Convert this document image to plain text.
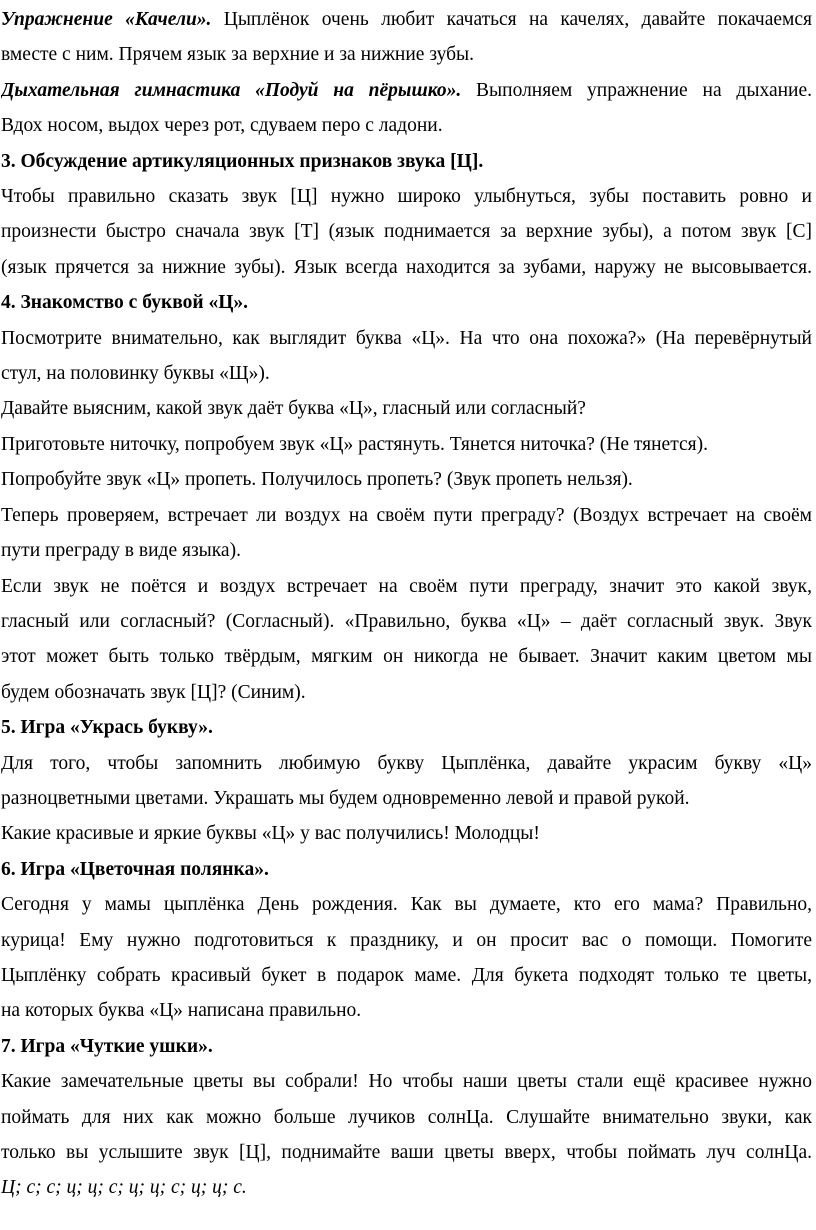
Упражнение «Качели». Цыплёнок очень любит качаться на качелях, давайте покачаемся
вместе с ним. Прячем язык за верхние и за нижние зубы.
Дыхательная гимнастика «Подуй на пёрышко». Выполняем упражнение на дыхание.
Вдох носом, выдох через рот, сдуваем перо с ладони.
3. Обсуждение артикуляционных признаков звука [Ц].
Чтобы правильно сказать звук [Ц] нужно широко улыбнуться, зубы поставить ровно и
произнести быстро сначала звук [Т] (язык поднимается за верхние зубы), а потом звук [С]
(язык прячется за нижние зубы). Язык всегда находится за зубами, наружу не высовывается.
4. Знакомство с буквой «Ц».
Посмотрите внимательно, как выглядит буква «Ц». На что она похожа?» (На перевёрнутый
стул, на половинку буквы «Щ»).
Давайте выясним, какой звук даёт буква «Ц», гласный или согласный?
Приготовьте ниточку, попробуем звук «Ц» растянуть. Тянется ниточка? (Не тянется).
Попробуйте звук «Ц» пропеть. Получилось пропеть? (Звук пропеть нельзя).
Теперь проверяем, встречает ли воздух на своём пути преграду? (Воздух встречает на своём
пути преграду в виде языка).
Если звук не поётся и воздух встречает на своём пути преграду, значит это какой звук,
гласный или согласный? (Согласный). «Правильно, буква «Ц» – даёт согласный звук. Звук
этот может быть только твёрдым, мягким он никогда не бывает. Значит каким цветом мы
будем обозначать звук [Ц]? (Синим).
5. Игра «Укрась букву».
Для того, чтобы запомнить любимую букву Цыплёнка, давайте украсим букву «Ц»
разноцветными цветами. Украшать мы будем одновременно левой и правой рукой.
Какие красивые и яркие буквы «Ц» у вас получились! Молодцы!
6. Игра «Цветочная полянка».
Сегодня у мамы цыплёнка День рождения. Как вы думаете, кто его мама? Правильно,
курица! Ему нужно подготовиться к празднику, и он просит вас о помощи. Помогите
Цыплёнку собрать красивый букет в подарок маме. Для букета подходят только те цветы,
на которых буква «Ц» написана правильно.
7. Игра «Чуткие ушки».
Какие замечательные цветы вы собрали! Но чтобы наши цветы стали ещё красивее нужно
поймать для них как можно больше лучиков солнЦа. Слушайте внимательно звуки, как
только вы услышите звук [Ц], поднимайте ваши цветы вверх, чтобы поймать луч солнЦа.
Ц; с; с; ц; ц; с; ц; ц; с; ц; ц; с.
